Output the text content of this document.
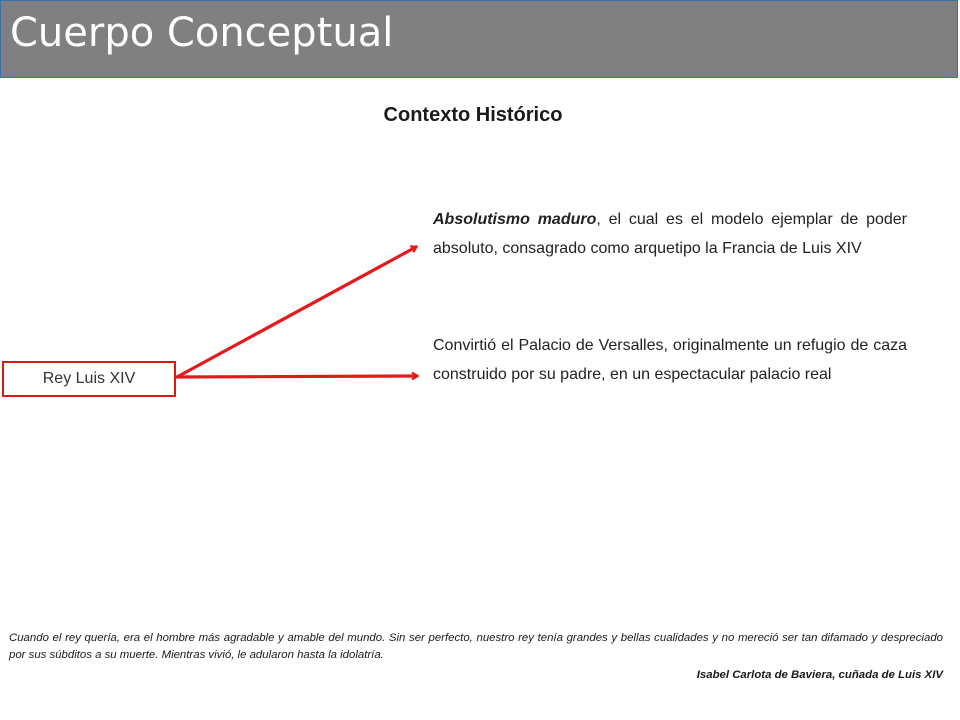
Cuerpo Conceptual
Contexto Histórico
Rey Luis XIV
Absolutismo maduro, el cual es el modelo ejemplar de poder absoluto, consagrado como arquetipo la Francia de Luis XIV
Convirtió el Palacio de Versalles, originalmente un refugio de caza construido por su padre, en un espectacular palacio real
Cuando el rey quería, era el hombre más agradable y amable del mundo. Sin ser perfecto, nuestro rey tenía grandes y bellas cualidades y no mereció ser tan difamado y despreciado por sus súbditos a su muerte. Mientras vivió, le adularon hasta la idolatría.
Isabel Carlota de Baviera, cuñada de Luis XIV
